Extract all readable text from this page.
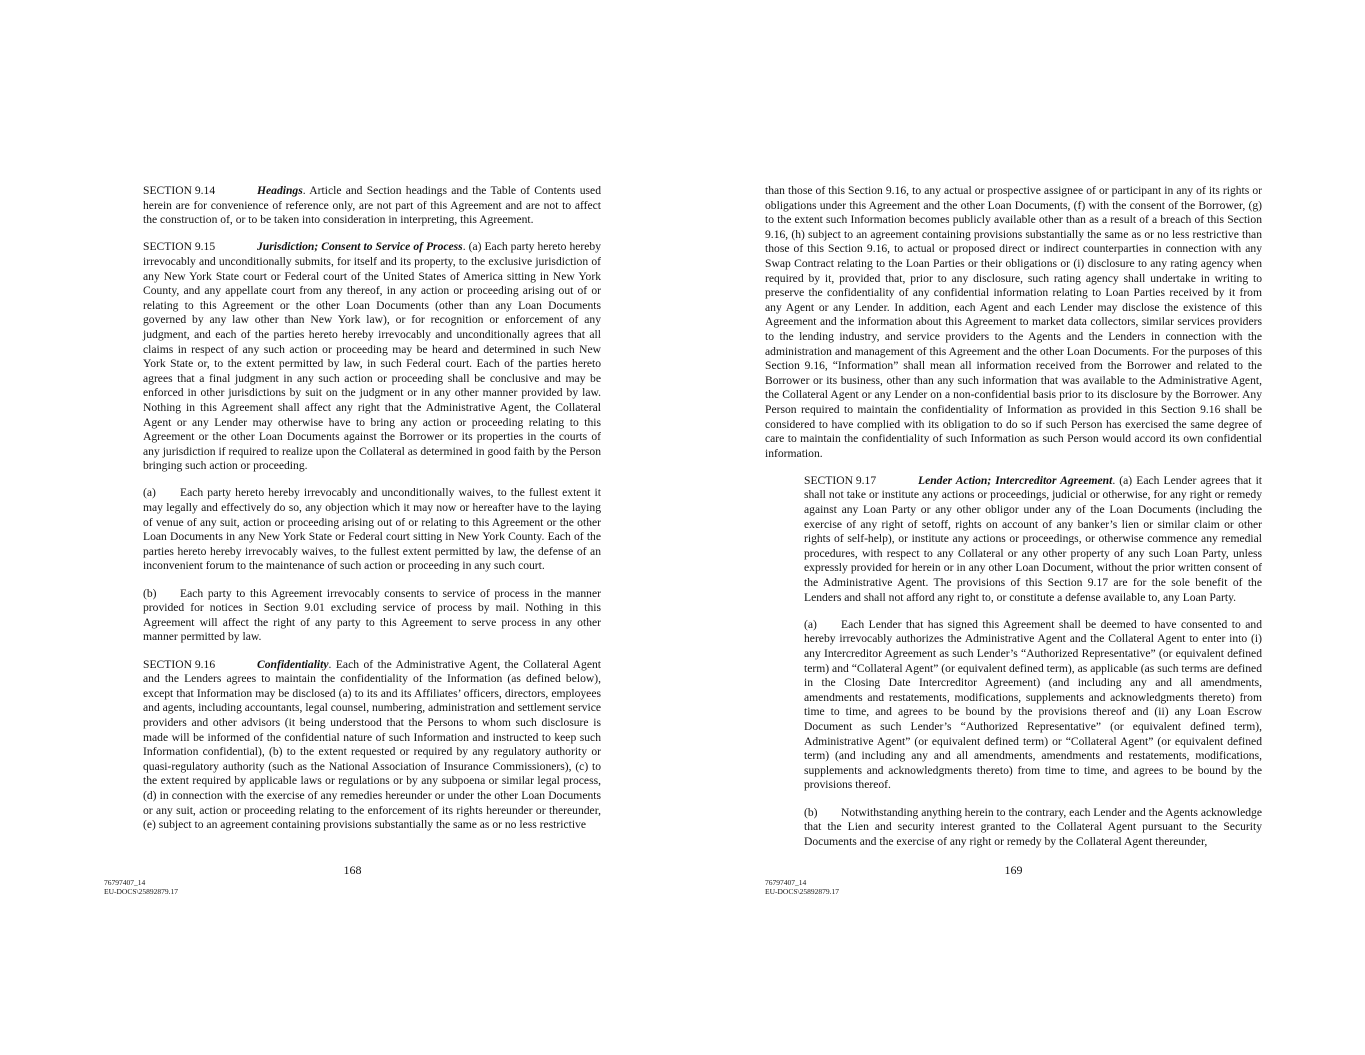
SECTION 9.14	Headings. Article and Section headings and the Table of Contents used herein are for convenience of reference only, are not part of this Agreement and are not to affect the construction of, or to be taken into consideration in interpreting, this Agreement.

SECTION 9.15	Jurisdiction; Consent to Service of Process. (a) Each party hereto hereby irrevocably and unconditionally submits, for itself and its property, to the exclusive jurisdiction of any New York State court or Federal court of the United States of America sitting in New York County, and any appellate court from any thereof, in any action or proceeding arising out of or relating to this Agreement or the other Loan Documents (other than any Loan Documents governed by any law other than New York law), or for recognition or enforcement of any judgment, and each of the parties hereto hereby irrevocably and unconditionally agrees that all claims in respect of any such action or proceeding may be heard and determined in such New York State or, to the extent permitted by law, in such Federal court. Each of the parties hereto agrees that a final judgment in any such action or proceeding shall be conclusive and may be enforced in other jurisdictions by suit on the judgment or in any other manner provided by law. Nothing in this Agreement shall affect any right that the Administrative Agent, the Collateral Agent or any Lender may otherwise have to bring any action or proceeding relating to this Agreement or the other Loan Documents against the Borrower or its properties in the courts of any jurisdiction if required to realize upon the Collateral as determined in good faith by the Person bringing such action or proceeding.

(a) Each party hereto hereby irrevocably and unconditionally waives, to the fullest extent it may legally and effectively do so, any objection which it may now or hereafter have to the laying of venue of any suit, action or proceeding arising out of or relating to this Agreement or the other Loan Documents in any New York State or Federal court sitting in New York County. Each of the parties hereto hereby irrevocably waives, to the fullest extent permitted by law, the defense of an inconvenient forum to the maintenance of such action or proceeding in any such court.

(b) Each party to this Agreement irrevocably consents to service of process in the manner provided for notices in Section 9.01 excluding service of process by mail. Nothing in this Agreement will affect the right of any party to this Agreement to serve process in any other manner permitted by law.

SECTION 9.16	Confidentiality. Each of the Administrative Agent, the Collateral Agent and the Lenders agrees to maintain the confidentiality of the Information (as defined below), except that Information may be disclosed (a) to its and its Affiliates’ officers, directors, employees and agents, including accountants, legal counsel, numbering, administration and settlement service providers and other advisors (it being understood that the Persons to whom such disclosure is made will be informed of the confidential nature of such Information and instructed to keep such Information confidential), (b) to the extent requested or required by any regulatory authority or quasi-regulatory authority (such as the National Association of Insurance Commissioners), (c) to the extent required by applicable laws or regulations or by any subpoena or similar legal process, (d) in connection with the exercise of any remedies hereunder or under the other Loan Documents or any suit, action or proceeding relating to the enforcement of its rights hereunder or thereunder, (e) subject to an agreement containing provisions substantially the same as or no less restrictive

168
76797407_14
EU-DOCS\25892879.17

than those of this Section 9.16, to any actual or prospective assignee of or participant in any of its rights or obligations under this Agreement and the other Loan Documents, (f) with the consent of the Borrower, (g) to the extent such Information becomes publicly available other than as a result of a breach of this Section 9.16, (h) subject to an agreement containing provisions substantially the same as or no less restrictive than those of this Section 9.16, to actual or proposed direct or indirect counterparties in connection with any Swap Contract relating to the Loan Parties or their obligations or (i) disclosure to any rating agency when required by it, provided that, prior to any disclosure, such rating agency shall undertake in writing to preserve the confidentiality of any confidential information relating to Loan Parties received by it from any Agent or any Lender. In addition, each Agent and each Lender may disclose the existence of this Agreement and the information about this Agreement to market data collectors, similar services providers to the lending industry, and service providers to the Agents and the Lenders in connection with the administration and management of this Agreement and the other Loan Documents. For the purposes of this Section 9.16, “Information” shall mean all information received from the Borrower and related to the Borrower or its business, other than any such information that was available to the Administrative Agent, the Collateral Agent or any Lender on a non-confidential basis prior to its disclosure by the Borrower. Any Person required to maintain the confidentiality of Information as provided in this Section 9.16 shall be considered to have complied with its obligation to do so if such Person has exercised the same degree of care to maintain the confidentiality of such Information as such Person would accord its own confidential information.

SECTION 9.17	Lender Action; Intercreditor Agreement. (a) Each Lender agrees that it shall not take or institute any actions or proceedings, judicial or otherwise, for any right or remedy against any Loan Party or any other obligor under any of the Loan Documents (including the exercise of any right of setoff, rights on account of any banker’s lien or similar claim or other rights of self-help), or institute any actions or proceedings, or otherwise commence any remedial procedures, with respect to any Collateral or any other property of any such Loan Party, unless expressly provided for herein or in any other Loan Document, without the prior written consent of the Administrative Agent. The provisions of this Section 9.17 are for the sole benefit of the Lenders and shall not afford any right to, or constitute a defense available to, any Loan Party.

(a) Each Lender that has signed this Agreement shall be deemed to have consented to and hereby irrevocably authorizes the Administrative Agent and the Collateral Agent to enter into (i) any Intercreditor Agreement as such Lender’s “Authorized Representative” (or equivalent defined term) and “Collateral Agent” (or equivalent defined term), as applicable (as such terms are defined in the Closing Date Intercreditor Agreement) (and including any and all amendments, amendments and restatements, modifications, supplements and acknowledgments thereto) from time to time, and agrees to be bound by the provisions thereof and (ii) any Loan Escrow Document as such Lender’s “Authorized Representative” (or equivalent defined term), Administrative Agent” (or equivalent defined term) or “Collateral Agent” (or equivalent defined term) (and including any and all amendments, amendments and restatements, modifications, supplements and acknowledgments thereto) from time to time, and agrees to be bound by the provisions thereof.

(b) Notwithstanding anything herein to the contrary, each Lender and the Agents acknowledge that the Lien and security interest granted to the Collateral Agent pursuant to the Security Documents and the exercise of any right or remedy by the Collateral Agent thereunder,

169
76797407_14
EU-DOCS\25892879.17
